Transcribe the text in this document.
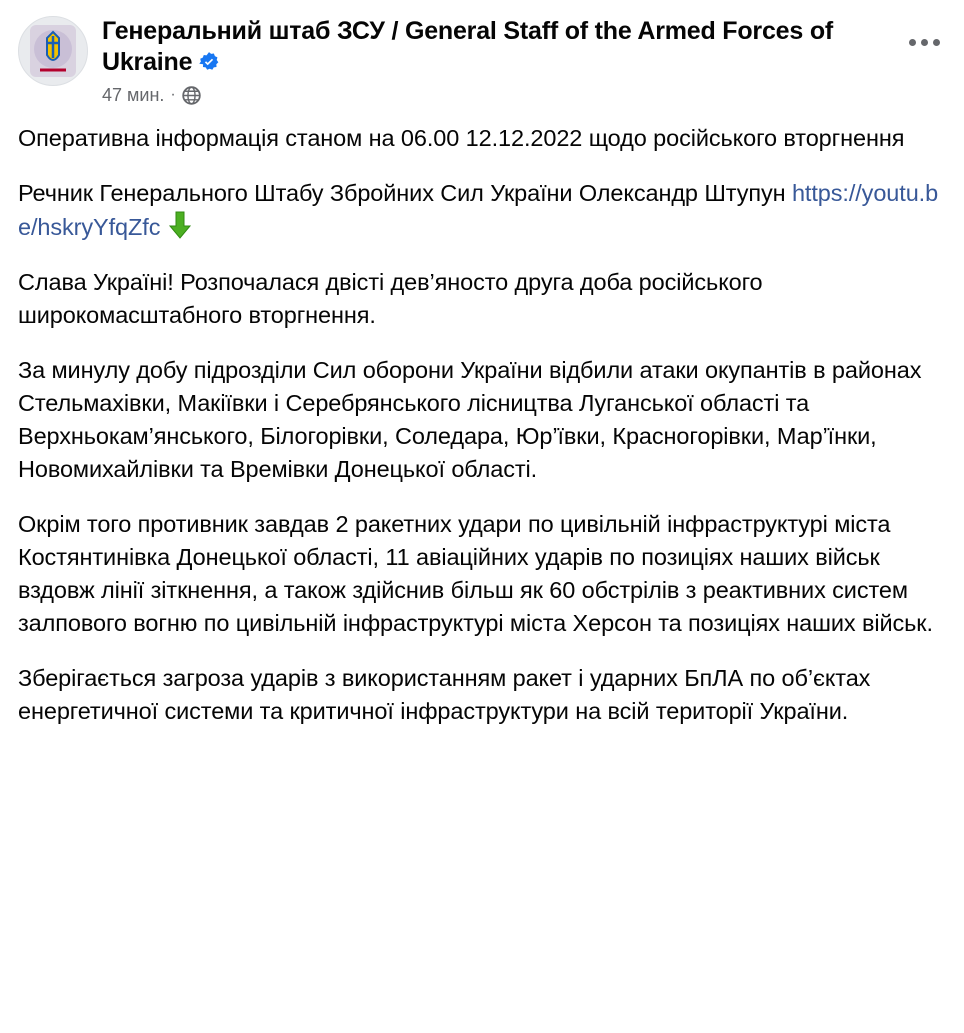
Генеральний штаб ЗСУ / General Staff of the Armed Forces of Ukraine
47 мин. ·

Оперативна інформація станом на 06.00 12.12.2022 щодо російського вторгнення

Речник Генерального Штабу Збройних Сил України Олександр Штупун https://youtu.be/hskryYfqZfc

Слава Україні! Розпочалася двісті дев’яносто друга доба російського широкомасштабного вторгнення.

За минулу добу підрозділи Сил оборони України відбили атаки окупантів в районах Стельмахівки, Макіївки і Серебрянського лісництва Луганської області та Верхньокам’янського, Білогорівки, Соледара, Юр’ївки, Красногорівки, Мар’їнки, Новомихайлівки та Времівки Донецької області.

Окрім того противник завдав 2 ракетних удари по цивільній інфраструктурі міста Костянтинівка Донецької області, 11 авіаційних ударів по позиціях наших військ вздовж лінії зіткнення, а також здійснив більш як 60 обстрілів з реактивних систем залпового вогню по цивільній інфраструктурі міста Херсон та позиціях наших військ.

Зберігається загроза ударів з використанням ракет і ударних БпЛА по об’єктах енергетичної системи та критичної інфраструктури на всій території України.
